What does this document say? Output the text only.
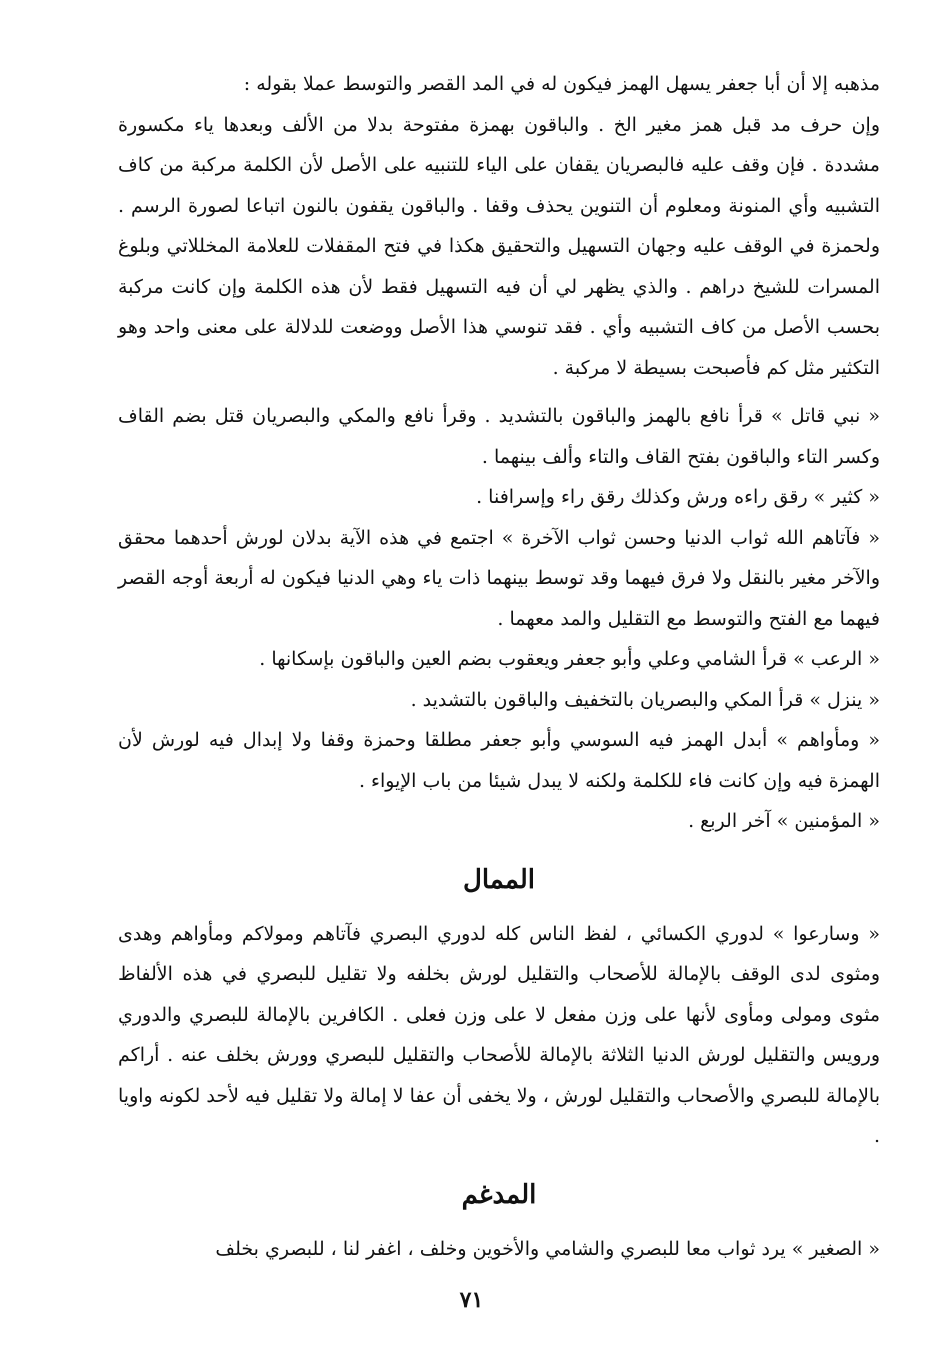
مذهبه إلا أن أبا جعفر يسهل الهمز فيكون له في المد القصر والتوسط عملا بقوله :

وإن حرف مد قبل همز مغير الخ . والباقون بهمزة مفتوحة بدلا من الألف وبعدها ياء مكسورة مشددة . فإن وقف عليه فالبصريان يقفان على الياء للتنبيه على الأصل لأن الكلمة مركبة من كاف التشبيه وأي المنونة ومعلوم أن التنوين يحذف وقفا . والباقون يقفون بالنون اتباعا لصورة الرسم . ولحمزة في الوقف عليه وجهان التسهيل والتحقيق هكذا في فتح المقفلات للعلامة المخللاتي وبلوغ المسرات للشيخ دراهم . والذي يظهر لي أن فيه التسهيل فقط لأن هذه الكلمة وإن كانت مركبة بحسب الأصل من كاف التشبيه وأي . فقد تنوسي هذا الأصل ووضعت للدلالة على معنى واحد وهو التكثير مثل كم فأصبحت بسيطة لا مركبة .

« نبي قاتل » قرأ نافع بالهمز والباقون بالتشديد . وقرأ نافع والمكي والبصريان قتل بضم القاف وكسر التاء والباقون بفتح القاف والتاء وألف بينهما .

« كثير » رقق راءه ورش وكذلك رقق راء وإسرافنا .

« فآتاهم الله ثواب الدنيا وحسن ثواب الآخرة » اجتمع في هذه الآية بدلان لورش أحدهما محقق والآخر مغير بالنقل ولا فرق فيهما وقد توسط بينهما ذات ياء وهي الدنيا فيكون له أربعة أوجه القصر فيهما مع الفتح والتوسط مع التقليل والمد معهما .

« الرعب » قرأ الشامي وعلي وأبو جعفر ويعقوب بضم العين والباقون بإسكانها .

« ينزل » قرأ المكي والبصريان بالتخفيف والباقون بالتشديد .

« ومأواهم » أبدل الهمز فيه السوسي وأبو جعفر مطلقا وحمزة وقفا ولا إبدال فيه لورش لأن الهمزة فيه وإن كانت فاء للكلمة ولكنه لا يبدل شيئا من باب الإيواء .

« المؤمنين » آخر الربع .

الممال

« وسارعوا » لدوري الكسائي ، لفظ الناس كله لدوري البصري فآتاهم ومولاكم ومأواهم وهدى ومثوى لدى الوقف بالإمالة للأصحاب والتقليل لورش بخلفه ولا تقليل للبصري في هذه الألفاظ مثوى ومولى ومأوى لأنها على وزن مفعل لا على وزن فعلى . الكافرين بالإمالة للبصري والدوري ورويس والتقليل لورش الدنيا الثلاثة بالإمالة للأصحاب والتقليل للبصري وورش بخلف عنه . أراكم بالإمالة للبصري والأصحاب والتقليل لورش ، ولا يخفى أن عفا لا إمالة ولا تقليل فيه لأحد لكونه واويا .

المدغم

« الصغير » يرد ثواب معا للبصري والشامي والأخوين وخلف ، اغفر لنا ، للبصري بخلف

٧١
